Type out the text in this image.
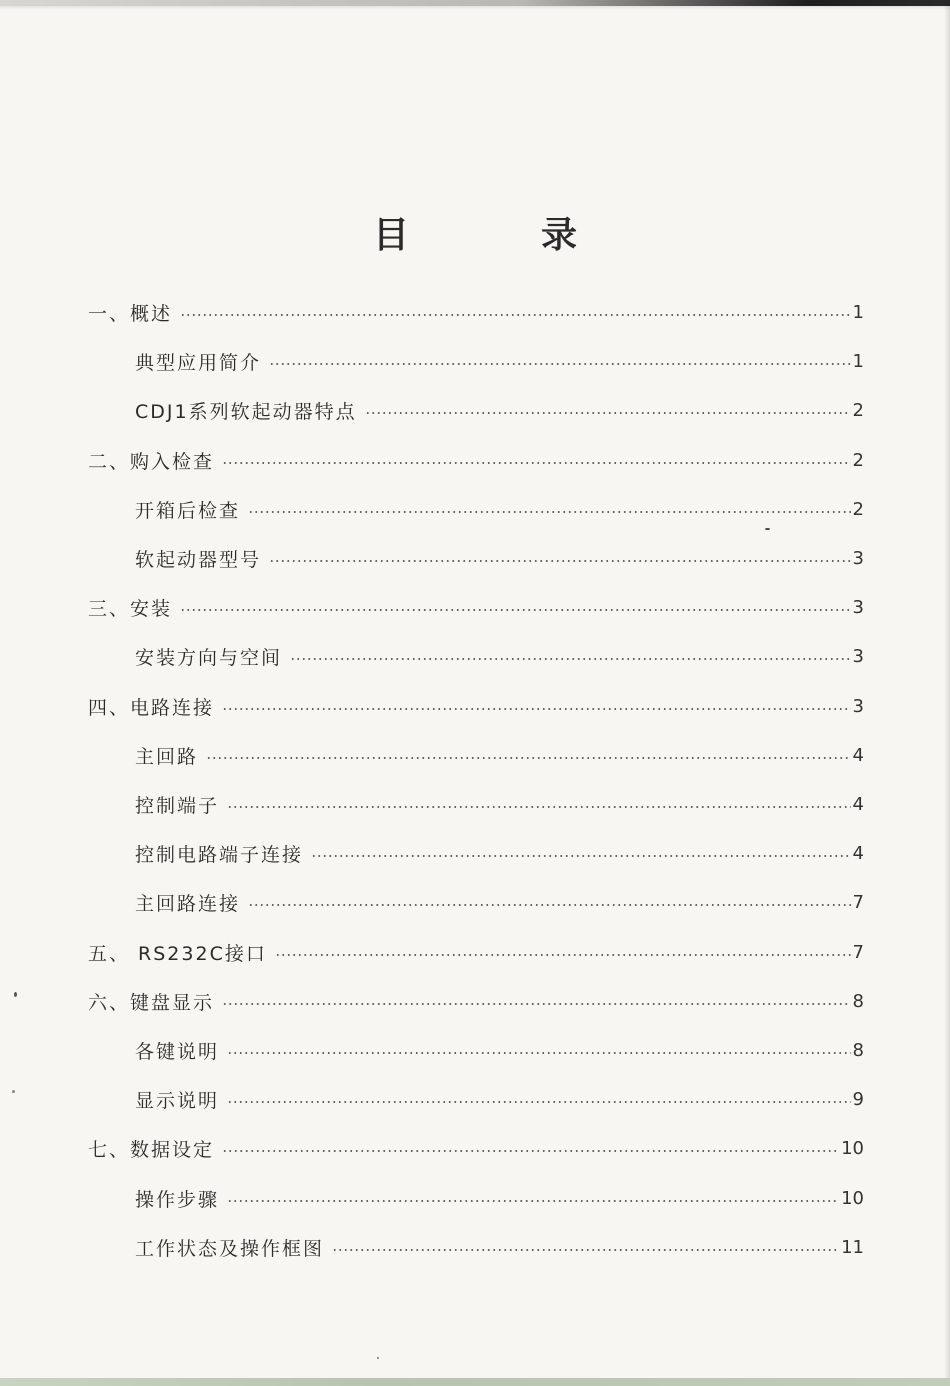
目　录
一、概述	1
典型应用简介	1
CDJ1系列软起动器特点	2
二、购入检查	2
开箱后检查	2
软起动器型号	3
三、安装	3
安装方向与空间	3
四、电路连接	3
主回路	4
控制端子	4
控制电路端子连接	4
主回路连接	7
五、 RS232C接口	7
六、键盘显示	8
各键说明	8
显示说明	9
七、数据设定	10
操作步骤	10
工作状态及操作框图	11
